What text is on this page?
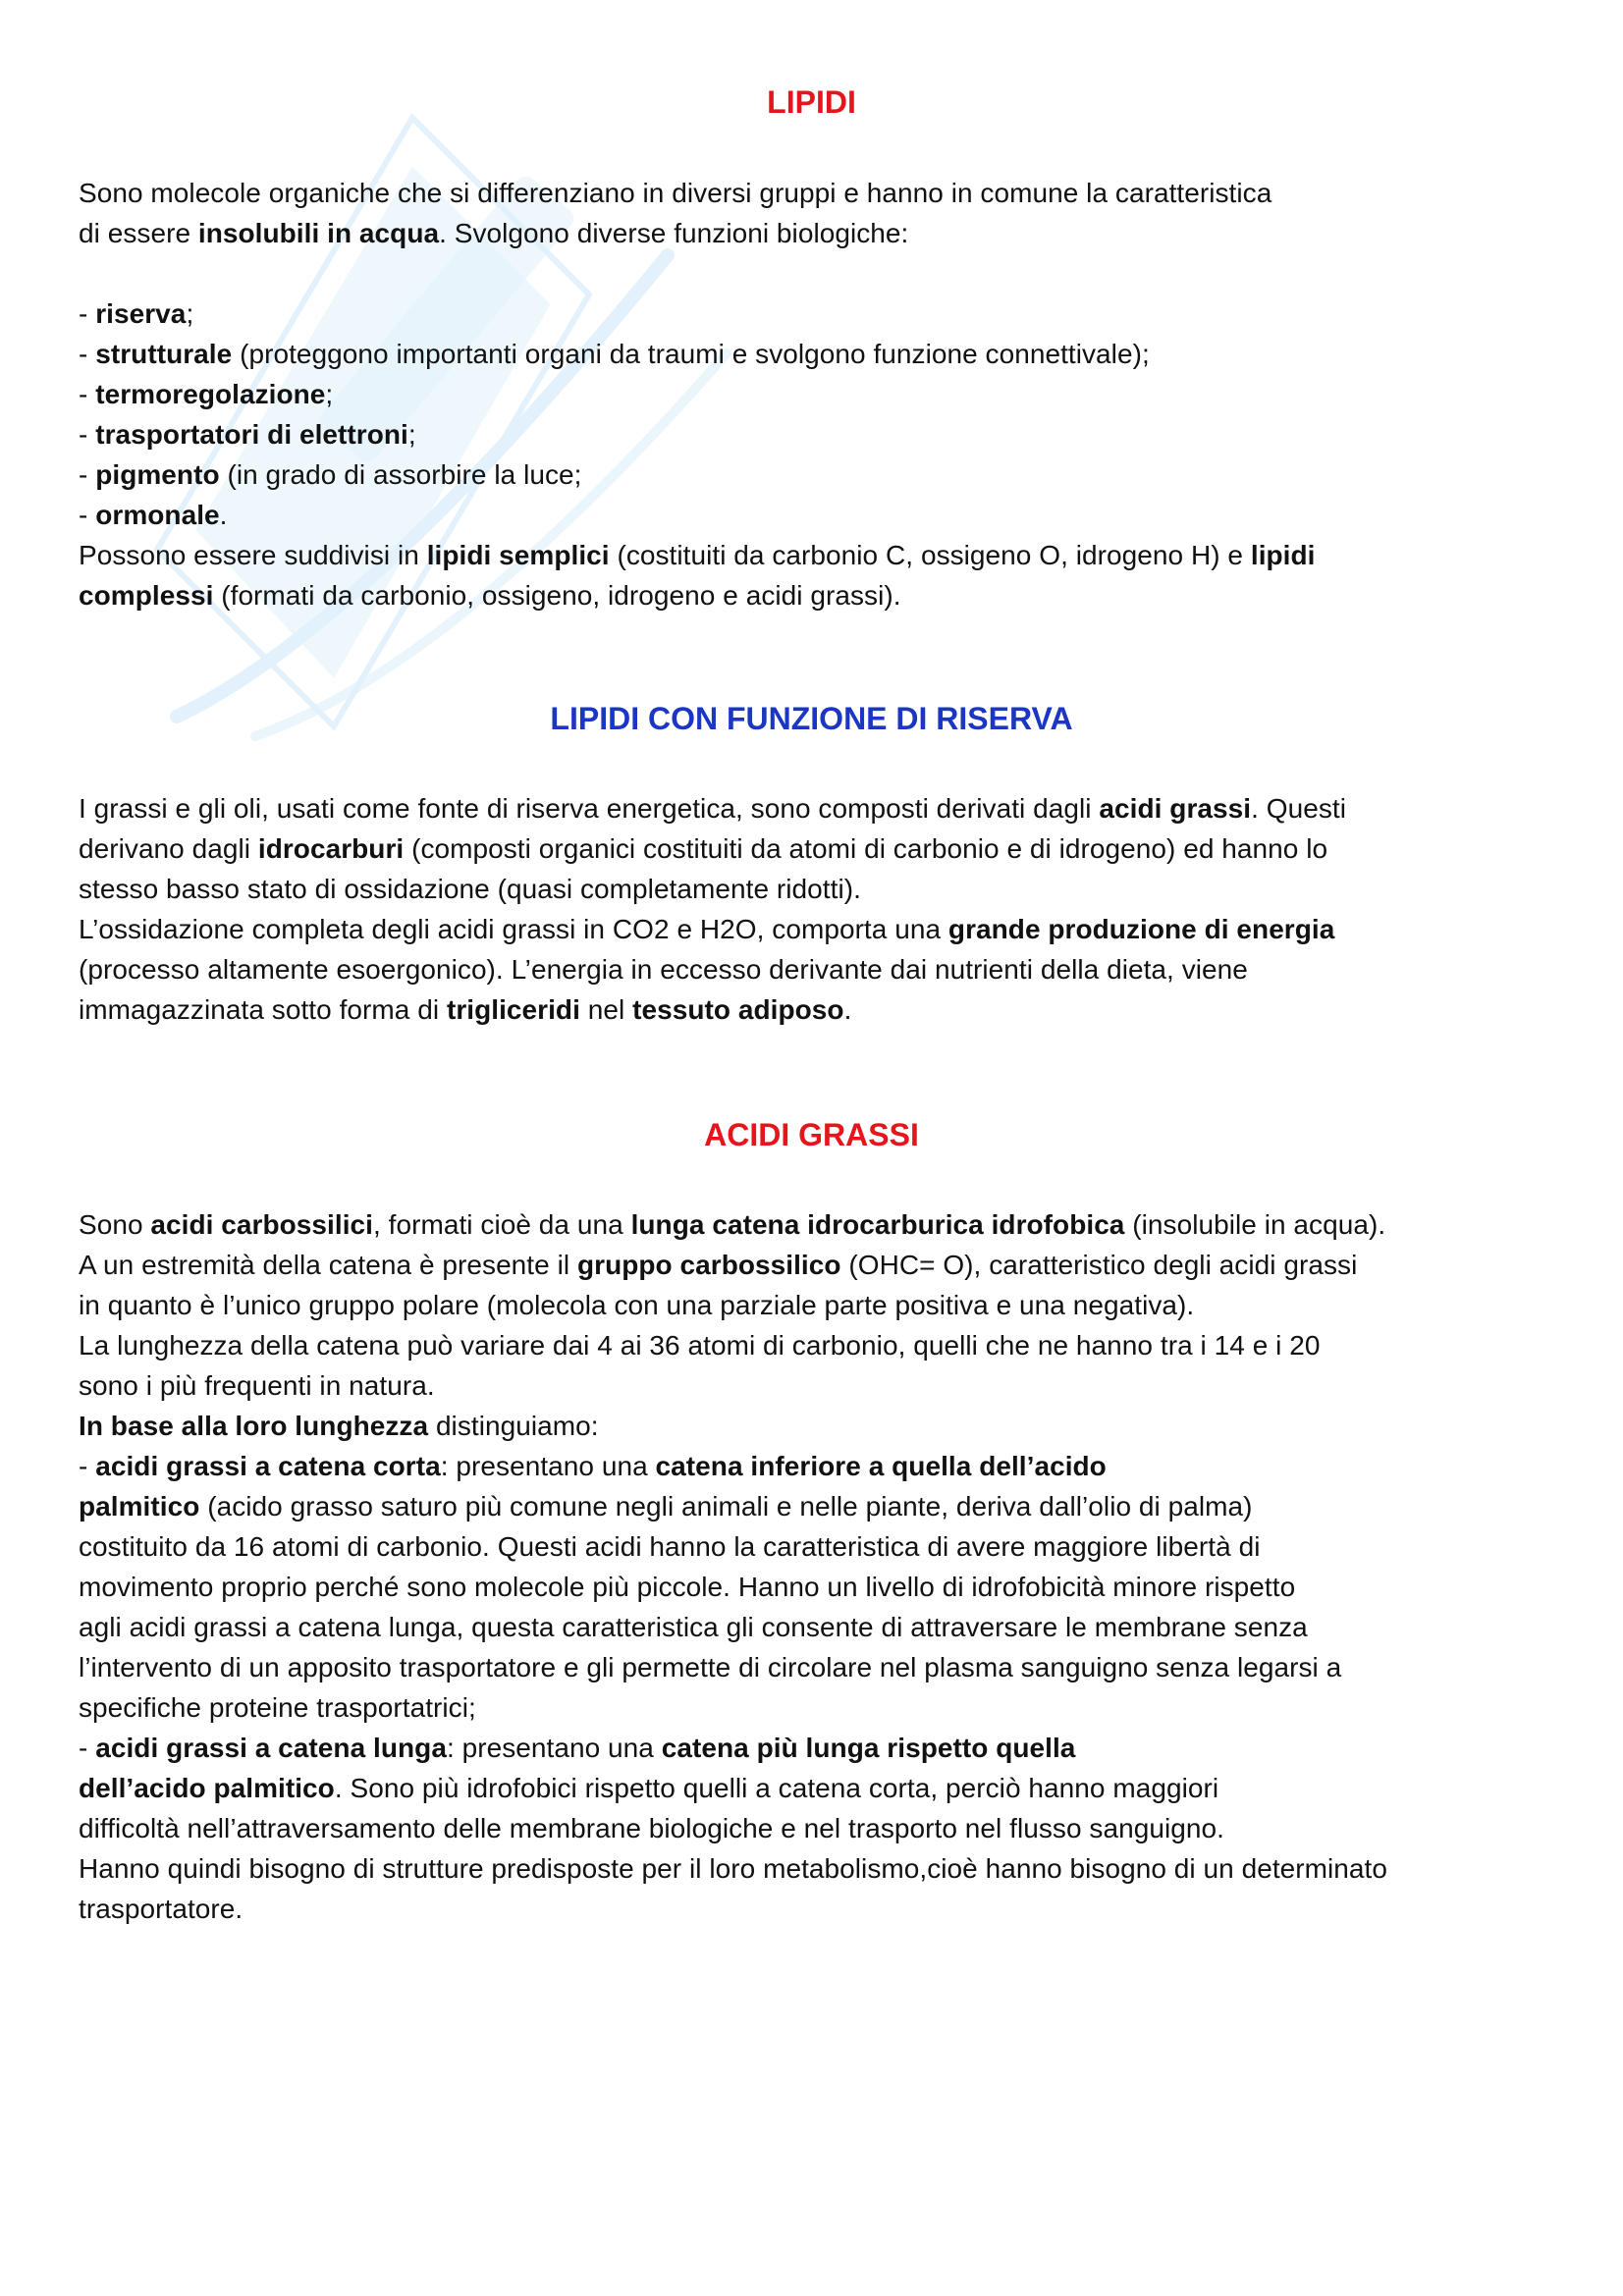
LIPIDI
Sono molecole organiche che si differenziano in diversi gruppi e hanno in comune la caratteristica
di essere insolubili in acqua. Svolgono diverse funzioni biologiche:
- riserva;
- strutturale (proteggono importanti organi da traumi e svolgono funzione connettivale);
- termoregolazione;
- trasportatori di elettroni;
- pigmento (in grado di assorbire la luce;
- ormonale.
Possono essere suddivisi in lipidi semplici (costituiti da carbonio C, ossigeno O, idrogeno H) e lipidi
complessi (formati da carbonio, ossigeno, idrogeno e acidi grassi).
LIPIDI CON FUNZIONE DI RISERVA
I grassi e gli oli, usati come fonte di riserva energetica, sono composti derivati dagli acidi grassi. Questi
derivano dagli idrocarburi (composti organici costituiti da atomi di carbonio e di idrogeno) ed hanno lo
stesso basso stato di ossidazione (quasi completamente ridotti).
L’ossidazione completa degli acidi grassi in CO2 e H2O, comporta una grande produzione di energia
(processo altamente esoergonico). L’energia in eccesso derivante dai nutrienti della dieta, viene
immagazzinata sotto forma di trigliceridi nel tessuto adiposo.
ACIDI GRASSI
Sono acidi carbossilici, formati cioè da una lunga catena idrocarburica idrofobica (insolubile in acqua).
A un estremità della catena è presente il gruppo carbossilico (OHC= O), caratteristico degli acidi grassi
in quanto è l’unico gruppo polare (molecola con una parziale parte positiva e una negativa).
La lunghezza della catena può variare dai 4 ai 36 atomi di carbonio, quelli che ne hanno tra i 14 e i 20
sono i più frequenti in natura.
In base alla loro lunghezza distinguiamo:
- acidi grassi a catena corta: presentano una catena inferiore a quella dell’acido
palmitico (acido grasso saturo più comune negli animali e nelle piante, deriva dall’olio di palma)
costituito da 16 atomi di carbonio. Questi acidi hanno la caratteristica di avere maggiore libertà di
movimento proprio perché sono molecole più piccole. Hanno un livello di idrofobicità minore rispetto
agli acidi grassi a catena lunga, questa caratteristica gli consente di attraversare le membrane senza
l’intervento di un apposito trasportatore e gli permette di circolare nel plasma sanguigno senza legarsi a
specifiche proteine trasportatrici;
- acidi grassi a catena lunga: presentano una catena più lunga rispetto quella
dell’acido palmitico. Sono più idrofobici rispetto quelli a catena corta, perciò hanno maggiori
difficoltà nell’attraversamento delle membrane biologiche e nel trasporto nel flusso sanguigno.
Hanno quindi bisogno di strutture predisposte per il loro metabolismo,cioè hanno bisogno di un determinato
trasportatore.
